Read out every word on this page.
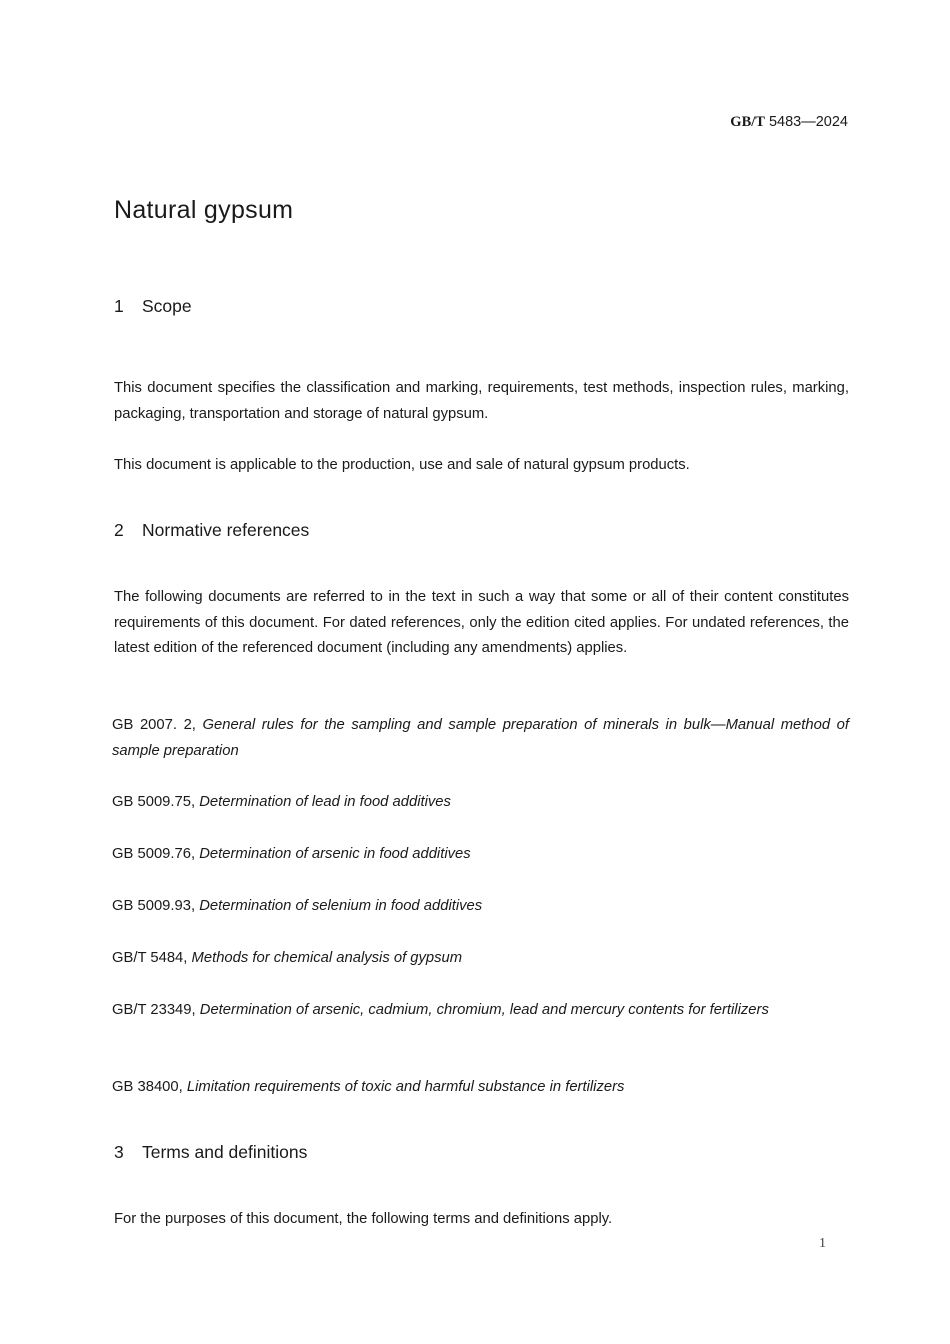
GB/T 5483—2024
Natural gypsum
1 Scope

This document specifies the classification and marking, requirements, test methods, inspection rules, marking, packaging, transportation and storage of natural gypsum.

This document is applicable to the production, use and sale of natural gypsum products.

2 Normative references

The following documents are referred to in the text in such a way that some or all of their content constitutes requirements of this document. For dated references, only the edition cited applies. For undated references, the latest edition of the referenced document (including any amendments) applies.

GB 2007. 2, General rules for the sampling and sample preparation of minerals in bulk—Manual method of sample preparation

GB 5009.75, Determination of lead in food additives

GB 5009.76, Determination of arsenic in food additives

GB 5009.93, Determination of selenium in food additives

GB/T 5484, Methods for chemical analysis of gypsum

GB/T 23349, Determination of arsenic, cadmium, chromium, lead and mercury contents for fertilizers

GB 38400, Limitation requirements of toxic and harmful substance in fertilizers

3 Terms and definitions

For the purposes of this document, the following terms and definitions apply.

1
